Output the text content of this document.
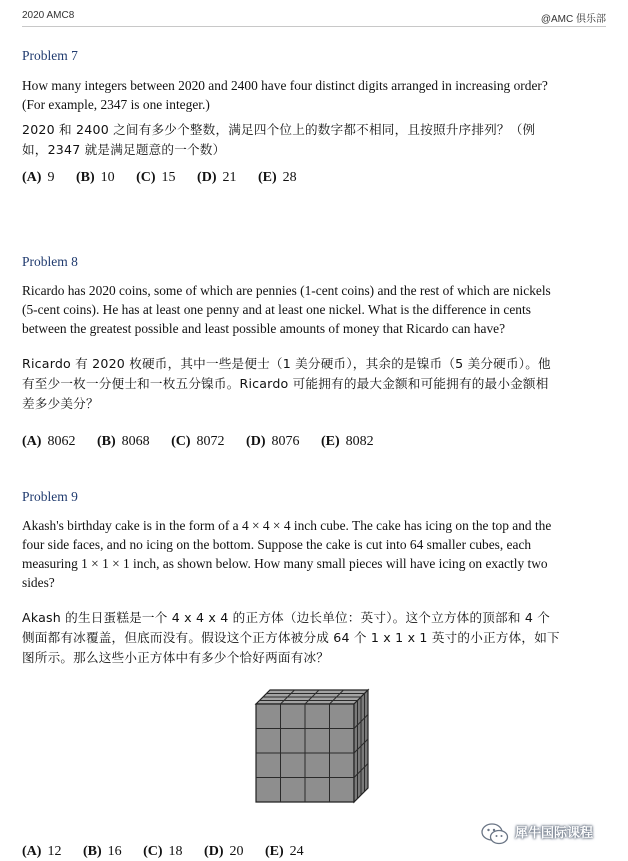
2020 AMC8	@AMC 俱乐部
Problem 7
How many integers between 2020 and 2400 have four distinct digits arranged in increasing order?
(For example, 2347 is one integer.)
2020 和 2400 之间有多少个整数，满足四个位上的数字都不相同，且按照升序排列？（例
如，2347 就是满足题意的一个数）
(A) 9 (B) 10 (C) 15 (D) 21 (E) 28
Problem 8
Ricardo has 2020 coins, some of which are pennies (1-cent coins) and the rest of which are nickels
(5-cent coins). He has at least one penny and at least one nickel. What is the difference in cents
between the greatest possible and least possible amounts of money that Ricardo can have?
Ricardo 有 2020 枚硬币，其中一些是便士（1 美分硬币），其余的是镍币（5 美分硬币）。他
有至少一枚一分便士和一枚五分镍币。Ricardo 可能拥有的最大金额和可能拥有的最小金额相
差多少美分？
(A) 8062 (B) 8068 (C) 8072 (D) 8076 (E) 8082
Problem 9
Akash's birthday cake is in the form of a 4 × 4 × 4 inch cube. The cake has icing on the top and the
four side faces, and no icing on the bottom. Suppose the cake is cut into 64 smaller cubes, each
measuring 1 × 1 × 1 inch, as shown below. How many small pieces will have icing on exactly two
sides?
Akash 的生日蛋糕是一个 4 x 4 x 4 的正方体（边长单位：英寸）。这个立方体的顶部和 4 个
侧面都有冰覆盖，但底而没有。假设这个正方体被分成 64 个 1 x 1 x 1 英寸的小正方体，如下
图所示。那么这些小正方体中有多少个恰好两面有冰？
(A) 12 (B) 16 (C) 18 (D) 20 (E) 24
犀牛国际课程
